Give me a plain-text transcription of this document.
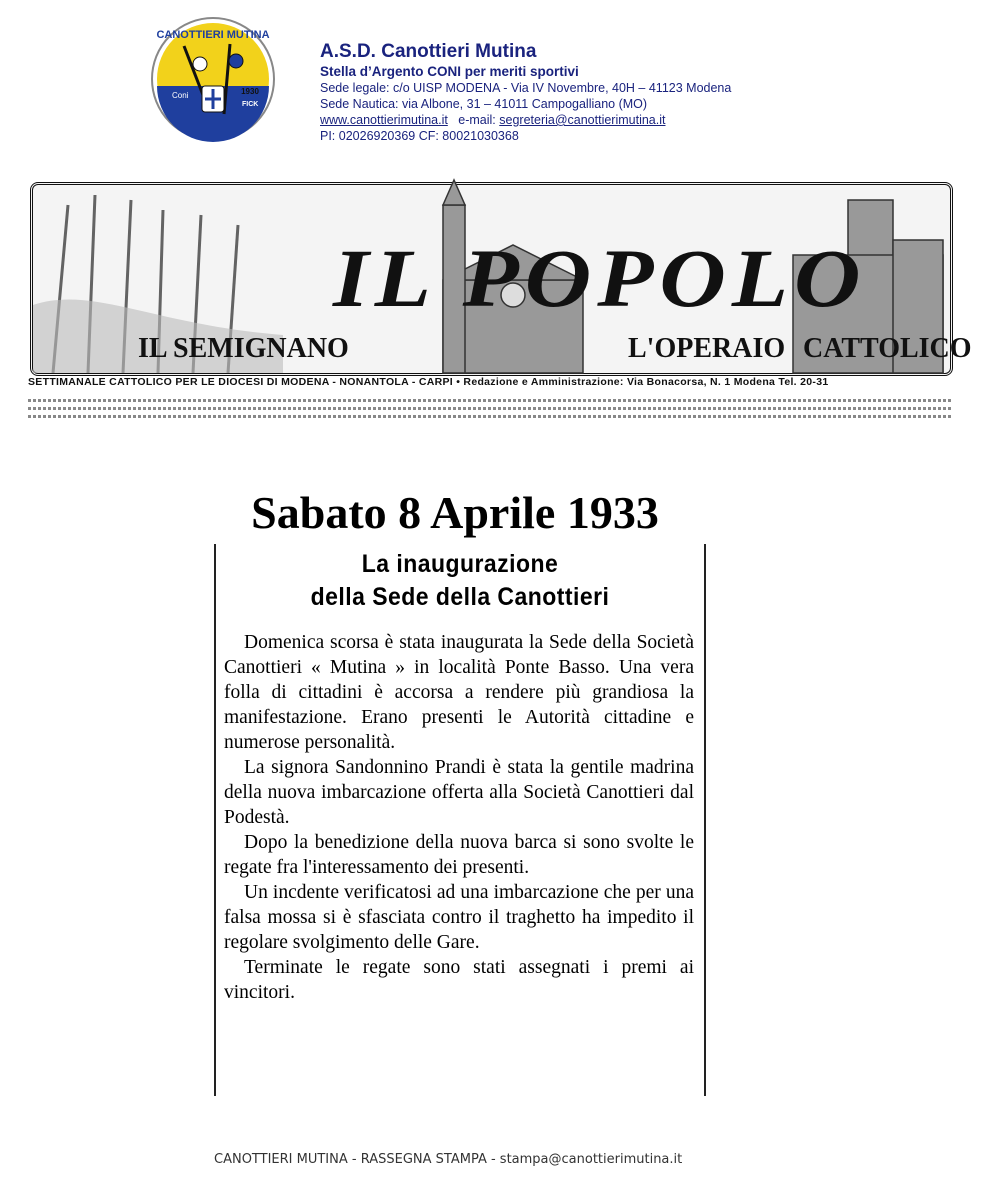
CANOTTIERI MUTINA
1930
Coni
FICK
A.S.D. Canottieri Mutina
Stella d’Argento CONI per meriti sportivi
Sede legale: c/o UISP MODENA - Via IV Novembre, 40H – 41123 Modena
Sede Nautica: via Albone, 31 – 41011 Campogalliano (MO)
www.canottierimutina.it e-mail: segreteria@canottierimutina.it
PI: 02026920369 CF: 80021030368
IL POPOLO
IL SEMIGNANO	L'OPERAIO CATTOLICO
SETTIMANALE CATTOLICO PER LE DIOCESI DI MODENA - NONANTOLA - CARPI • Redazione e Amministrazione: Via Bonacorsa, N. 1 Modena Tel. 20-31
Sabato 8 Aprile 1933
La inaugurazione
della Sede della Canottieri

Domenica scorsa è stata inaugurata la Sede della Società Canottieri « Mutina » in località Ponte Basso. Una vera folla di cittadini è accorsa a rendere più grandiosa la manifestazione. Erano presenti le Autorità cittadine e numerose personalità.

La signora Sandonnino Prandi è stata la gentile madrina della nuova imbarcazione offerta alla Società Canottieri dal Podestà.

Dopo la benedizione della nuova barca si sono svolte le regate fra l'interessamento dei presenti.

Un incdente verificatosi ad una imbarcazione che per una falsa mossa si è sfasciata contro il traghetto ha impedito il regolare svolgimento delle Gare.

Terminate le regate sono stati assegnati i premi ai vincitori.

CANOTTIERI MUTINA - RASSEGNA STAMPA - stampa@canottierimutina.it
